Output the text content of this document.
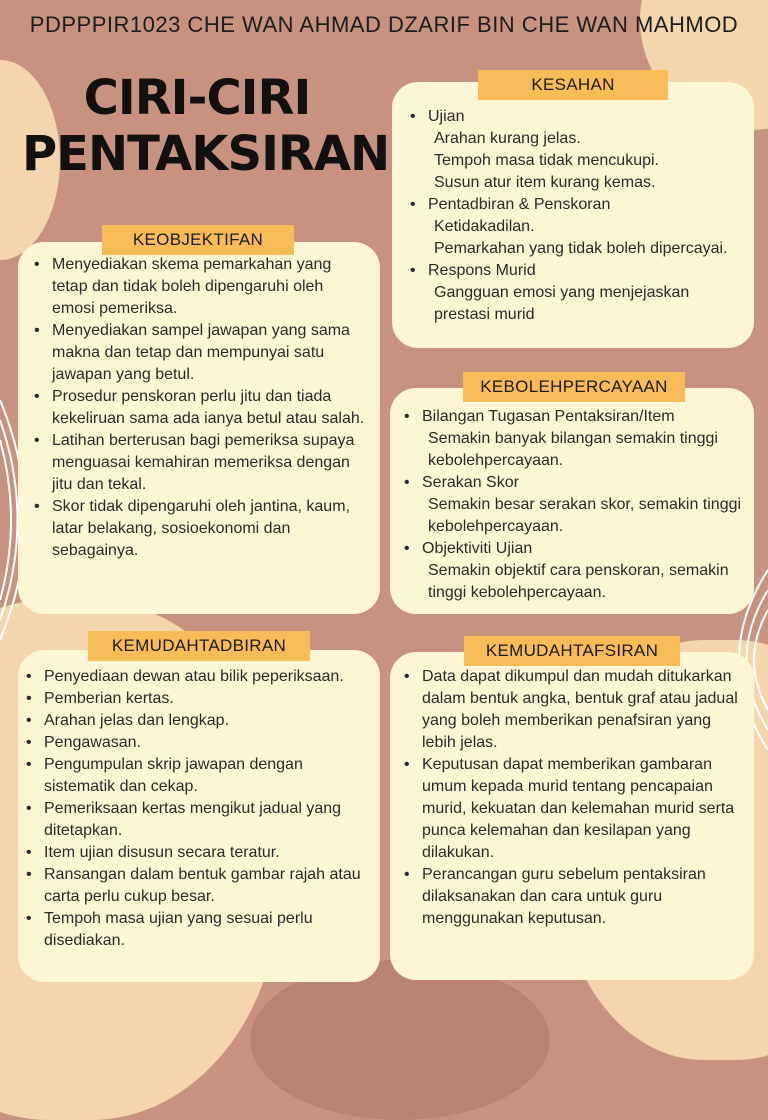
PDPPPIR1023 CHE WAN AHMAD DZARIF BIN CHE WAN MAHMOD
CIRI-CIRI
PENTAKSIRAN
• Ujian
Arahan kurang jelas.
Tempoh masa tidak mencukupi.
Susun atur item kurang kemas.
• Pentadbiran & Penskoran
Ketidakadilan.
Pemarkahan yang tidak boleh dipercayai.
• Respons Murid
Gangguan emosi yang menjejaskan prestasi murid
KESAHAN
• Menyediakan skema pemarkahan yang tetap dan tidak boleh dipengaruhi oleh emosi pemeriksa.
• Menyediakan sampel jawapan yang sama makna dan tetap dan mempunyai satu jawapan yang betul.
• Prosedur penskoran perlu jitu dan tiada kekeliruan sama ada ianya betul atau salah.
• Latihan berterusan bagi pemeriksa supaya menguasai kemahiran memeriksa dengan jitu dan tekal.
• Skor tidak dipengaruhi oleh jantina, kaum, latar belakang, sosioekonomi dan sebagainya.
KEOBJEKTIFAN
• Bilangan Tugasan Pentaksiran/Item
Semakin banyak bilangan semakin tinggi kebolehpercayaan.
• Serakan Skor
Semakin besar serakan skor, semakin tinggi kebolehpercayaan.
• Objektiviti Ujian
Semakin objektif cara penskoran, semakin tinggi kebolehpercayaan.
KEBOLEHPERCAYAAN
• Penyediaan dewan atau bilik peperiksaan.
• Pemberian kertas.
• Arahan jelas dan lengkap.
• Pengawasan.
• Pengumpulan skrip jawapan dengan sistematik dan cekap.
• Pemeriksaan kertas mengikut jadual yang ditetapkan.
• Item ujian disusun secara teratur.
• Ransangan dalam bentuk gambar rajah atau carta perlu cukup besar.
• Tempoh masa ujian yang sesuai perlu disediakan.
KEMUDAHTADBIRAN
• Data dapat dikumpul dan mudah ditukarkan dalam bentuk angka, bentuk graf atau jadual yang boleh memberikan penafsiran yang lebih jelas.
• Keputusan dapat memberikan gambaran umum kepada murid tentang pencapaian murid, kekuatan dan kelemahan murid serta punca kelemahan dan kesilapan yang dilakukan.
• Perancangan guru sebelum pentaksiran dilaksanakan dan cara untuk guru menggunakan keputusan.
KEMUDAHTAFSIRAN
